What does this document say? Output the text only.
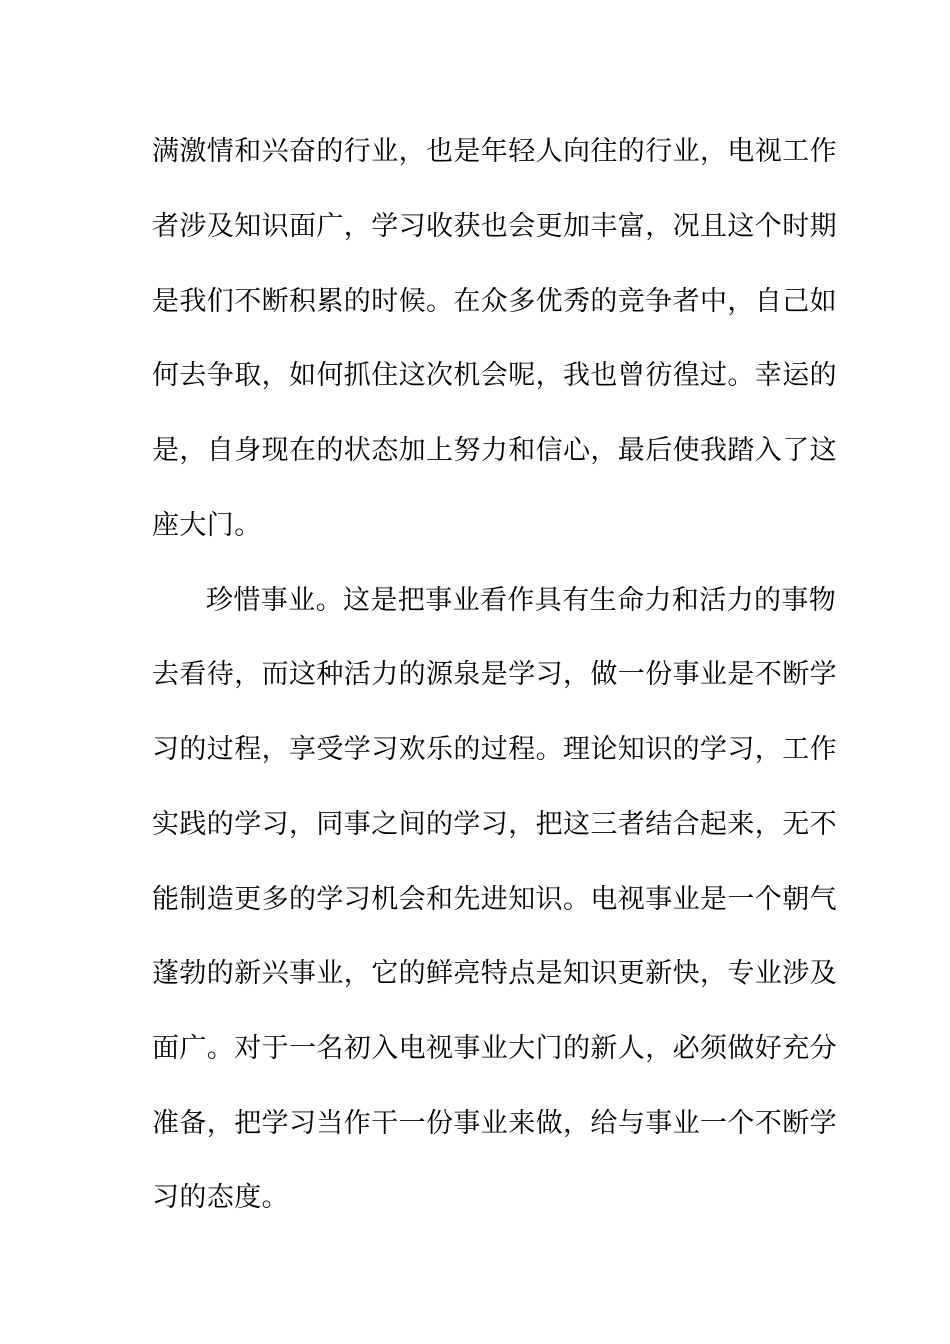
满激情和兴奋的行业，也是年轻人向往的行业，电视工作
者涉及知识面广，学习收获也会更加丰富，况且这个时期
是我们不断积累的时候。在众多优秀的竞争者中，自己如
何去争取，如何抓住这次机会呢，我也曾彷徨过。幸运的
是，自身现在的状态加上努力和信心，最后使我踏入了这
座大门。
珍惜事业。这是把事业看作具有生命力和活力的事物
去看待，而这种活力的源泉是学习，做一份事业是不断学
习的过程，享受学习欢乐的过程。理论知识的学习，工作
实践的学习，同事之间的学习，把这三者结合起来，无不
能制造更多的学习机会和先进知识。电视事业是一个朝气
蓬勃的新兴事业，它的鲜亮特点是知识更新快，专业涉及
面广。对于一名初入电视事业大门的新人，必须做好充分
准备，把学习当作干一份事业来做，给与事业一个不断学
习的态度。
